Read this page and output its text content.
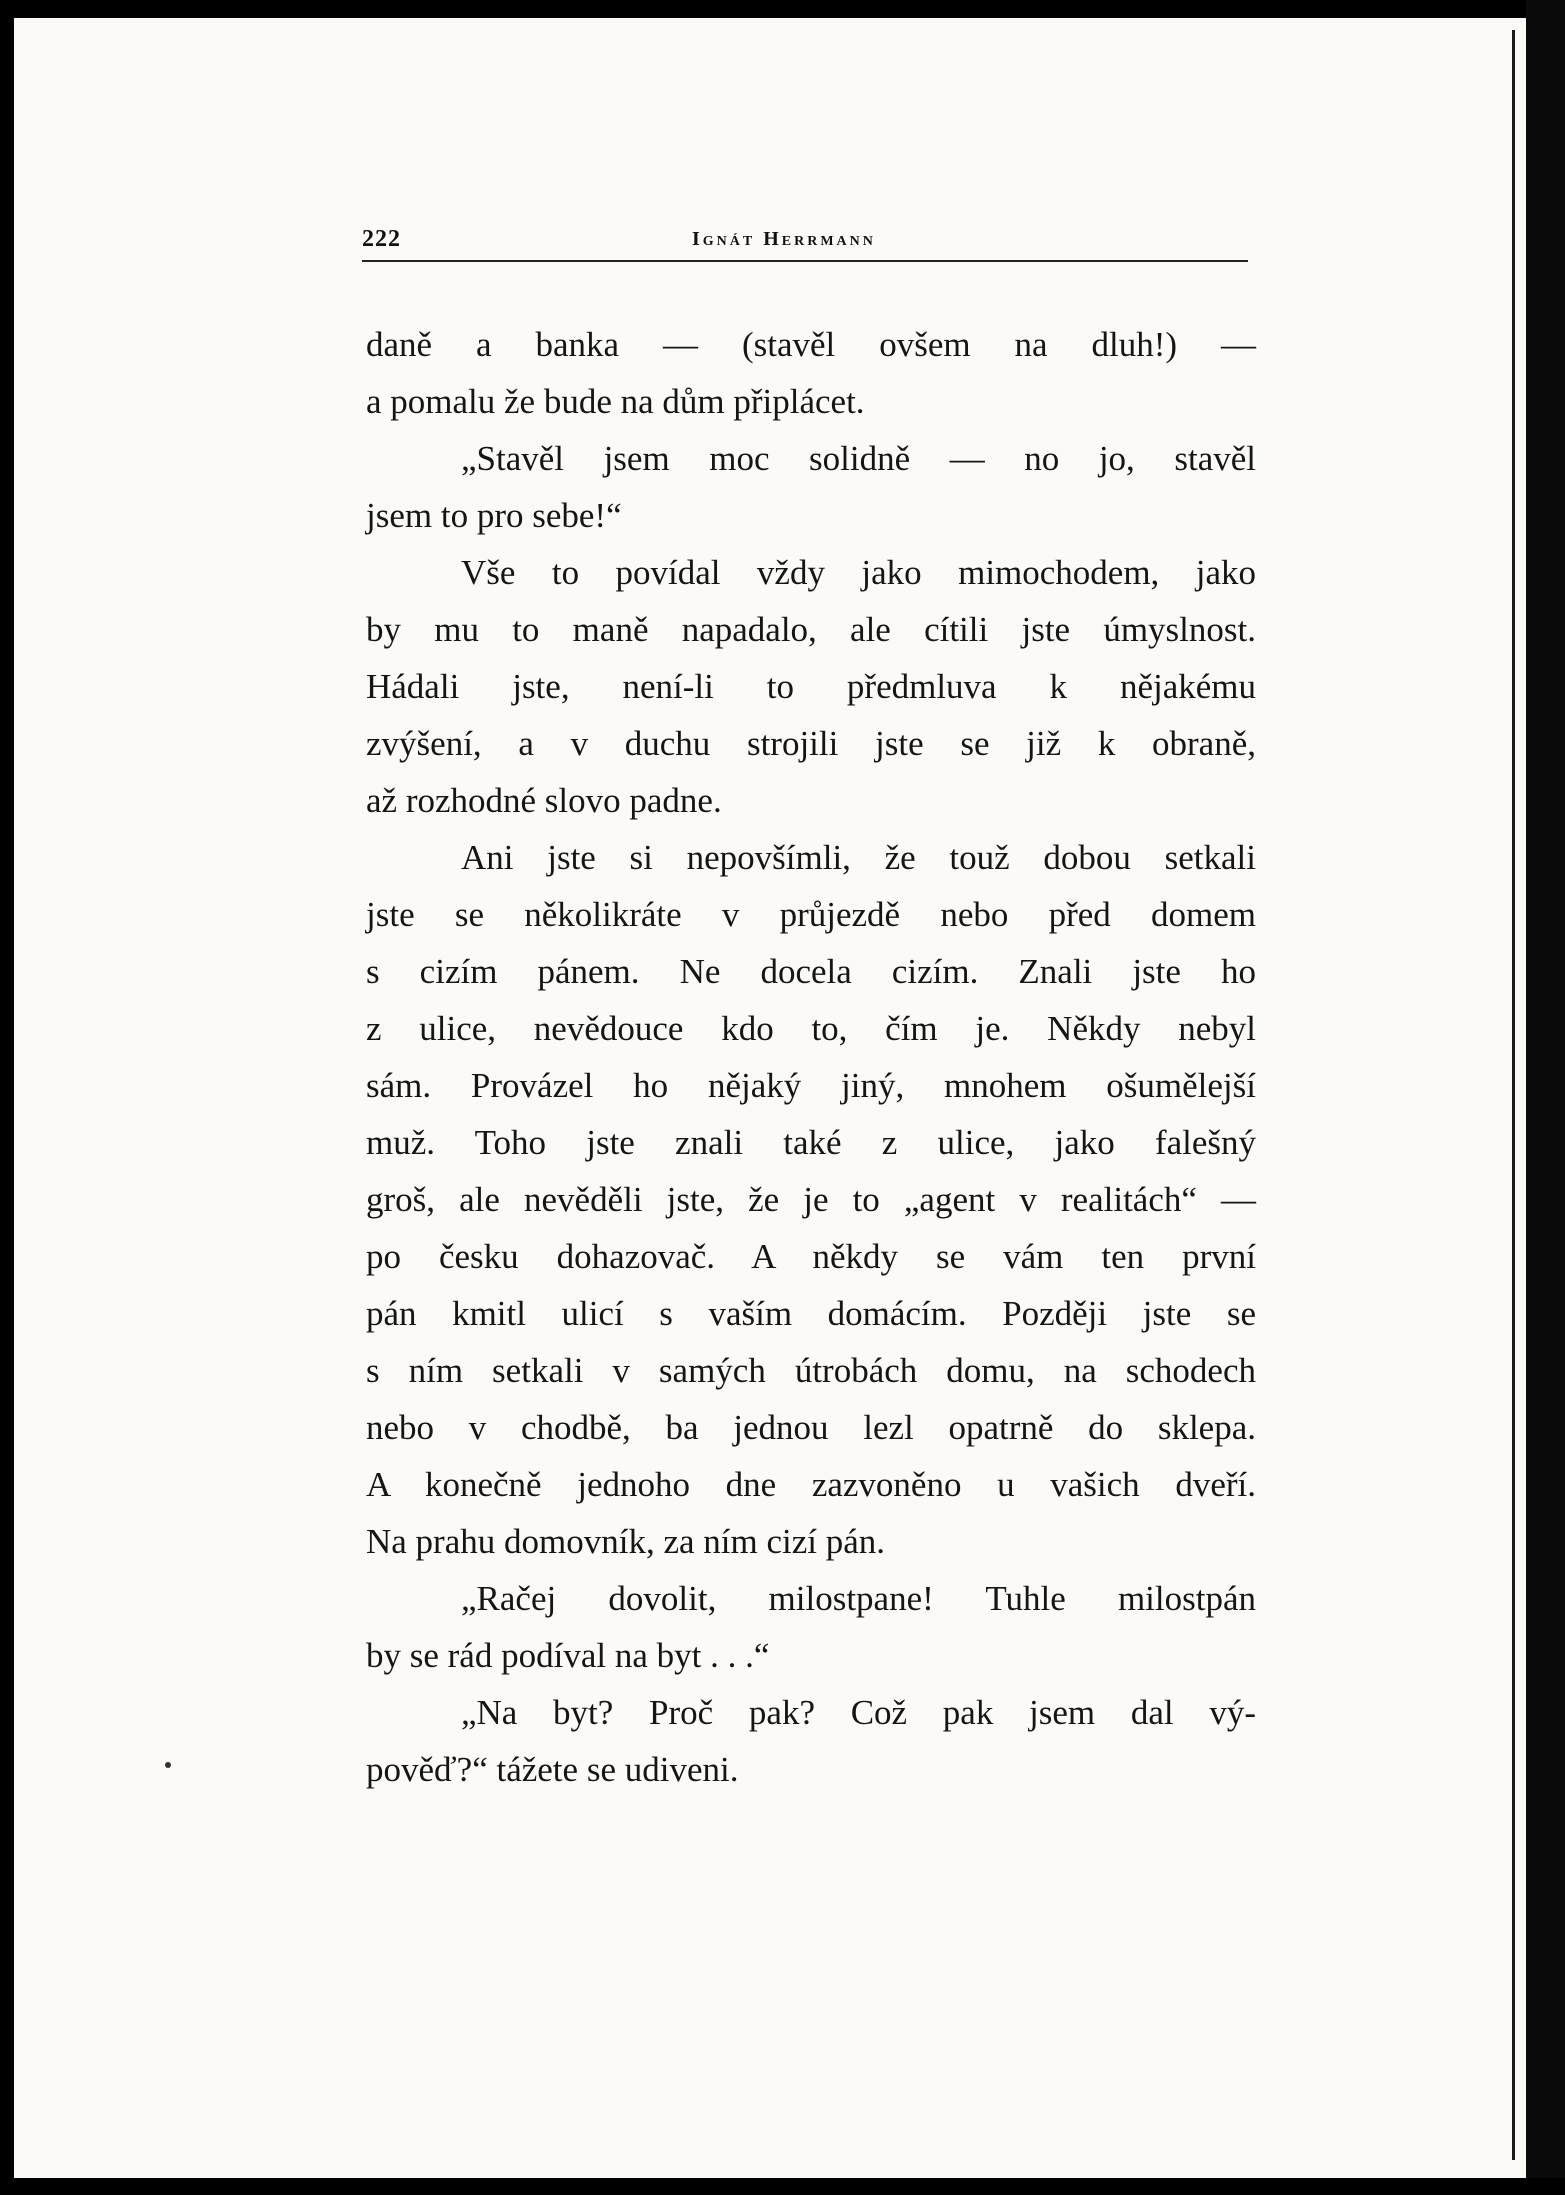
222	Ignát Herrmann
daně a banka — (stavěl ovšem na dluh!) —
a pomalu že bude na dům připlácet.
„Stavěl jsem moc solidně — no jo, stavěl
jsem to pro sebe!“
Vše to povídal vždy jako mimochodem, jako
by mu to maně napadalo, ale cítili jste úmyslnost.
Hádali jste, není-li to předmluva k nějakému
zvýšení, a v duchu strojili jste se již k obraně,
až rozhodné slovo padne.
Ani jste si nepovšímli, že touž dobou setkali
jste se několikráte v průjezdě nebo před domem
s cizím pánem. Ne docela cizím. Znali jste ho
z ulice, nevědouce kdo to, čím je. Někdy nebyl
sám. Provázel ho nějaký jiný, mnohem ošumělejší
muž. Toho jste znali také z ulice, jako falešný
groš, ale nevěděli jste, že je to „agent v realitách“ —
po česku dohazovač. A někdy se vám ten první
pán kmitl ulicí s vaším domácím. Později jste se
s ním setkali v samých útrobách domu, na schodech
nebo v chodbě, ba jednou lezl opatrně do sklepa.
A konečně jednoho dne zazvoněno u vašich dveří.
Na prahu domovník, za ním cizí pán.
„Račej dovolit, milostpane! Tuhle milostpán
by se rád podíval na byt . . .“
„Na byt? Proč pak? Což pak jsem dal vý-
pověď?“ tážete se udiveni.
